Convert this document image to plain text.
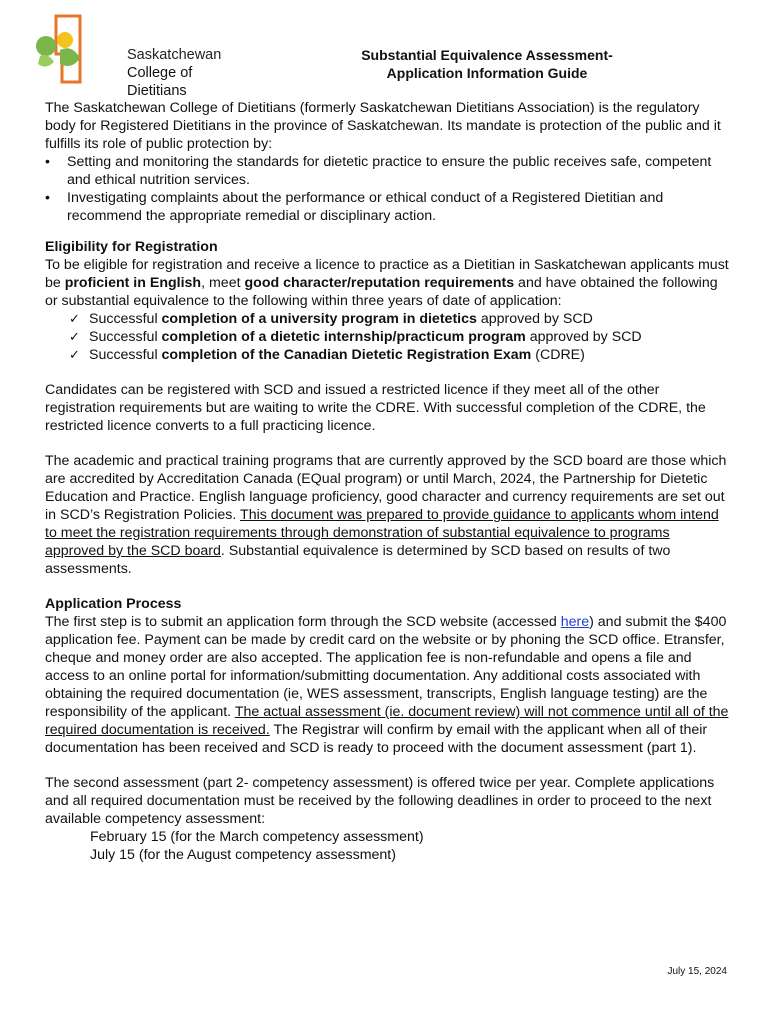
Saskatchewan
College of Dietitians
Substantial Equivalence Assessment-
Application Information Guide

The Saskatchewan College of Dietitians (formerly Saskatchewan Dietitians Association) is the regulatory body for Registered Dietitians in the province of Saskatchewan. Its mandate is protection of the public and it fulfills its role of public protection by:

• Setting and monitoring the standards for dietetic practice to ensure the public receives safe, competent and ethical nutrition services.
• Investigating complaints about the performance or ethical conduct of a Registered Dietitian and recommend the appropriate remedial or disciplinary action.
Eligibility for Registration

To be eligible for registration and receive a licence to practice as a Dietitian in Saskatchewan applicants must be proficient in English, meet good character/reputation requirements and have obtained the following or substantial equivalence to the following within three years of date of application:

✓ Successful completion of a university program in dietetics approved by SCD
✓ Successful completion of a dietetic internship/practicum program approved by SCD
✓ Successful completion of the Canadian Dietetic Registration Exam (CDRE)

Candidates can be registered with SCD and issued a restricted licence if they meet all of the other registration requirements but are waiting to write the CDRE. With successful completion of the CDRE, the restricted licence converts to a full practicing licence.

The academic and practical training programs that are currently approved by the SCD board are those which are accredited by Accreditation Canada (EQual program) or until March, 2024, the Partnership for Dietetic Education and Practice. English language proficiency, good character and currency requirements are set out in SCD’s Registration Policies. This document was prepared to provide guidance to applicants whom intend to meet the registration requirements through demonstration of substantial equivalence to programs approved by the SCD board. Substantial equivalence is determined by SCD based on results of two assessments.

Application Process

The first step is to submit an application form through the SCD website (accessed here) and submit the $400 application fee. Payment can be made by credit card on the website or by phoning the SCD office. Etransfer, cheque and money order are also accepted. The application fee is non-refundable and opens a file and access to an online portal for information/submitting documentation. Any additional costs associated with obtaining the required documentation (ie, WES assessment, transcripts, English language testing) are the responsibility of the applicant. The actual assessment (ie. document review) will not commence until all of the required documentation is received. The Registrar will confirm by email with the applicant when all of their documentation has been received and SCD is ready to proceed with the document assessment (part 1).

The second assessment (part 2- competency assessment) is offered twice per year. Complete applications and all required documentation must be received by the following deadlines in order to proceed to the next available competency assessment:

February 15 (for the March competency assessment)
July 15 (for the August competency assessment)
July 15, 2024
